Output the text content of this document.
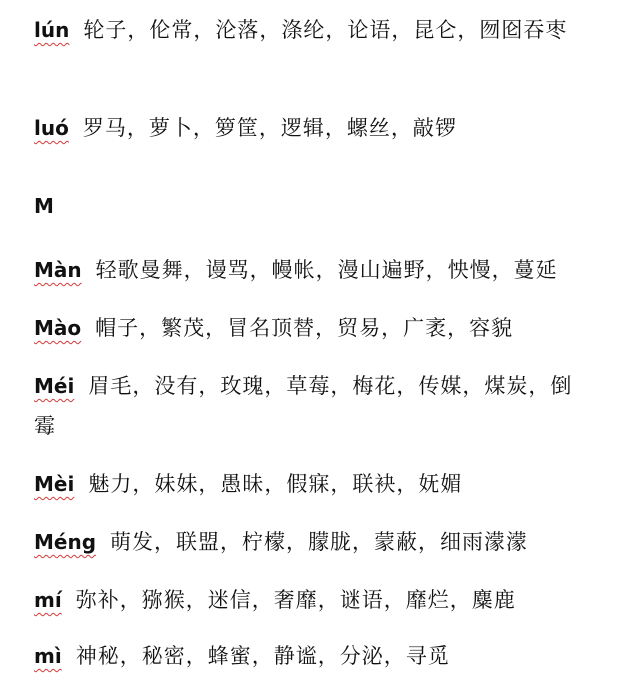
lún 轮子，伦常，沦落，涤纶，论语，昆仑，囫囵吞枣
luó 罗马，萝卜，箩筐，逻辑，螺丝，敲锣
M
Màn 轻歌曼舞，谩骂，幔帐，漫山遍野，怏慢，蔓延
Mào 帽子，繁茂，冒名顶替，贸易，广袤，容貌
Méi 眉毛，没有，玫瑰，草莓，梅花，传媒，煤炭，倒霉
Mèi 魅力，妹妹，愚昧，假寐，联袂，妩媚
Méng 萌发，联盟，柠檬，朦胧，蒙蔽，细雨濛濛
mí 弥补，猕猴，迷信，奢靡，谜语，靡烂，麋鹿
mì 神秘，秘密，蜂蜜，静谧，分泌，寻觅
